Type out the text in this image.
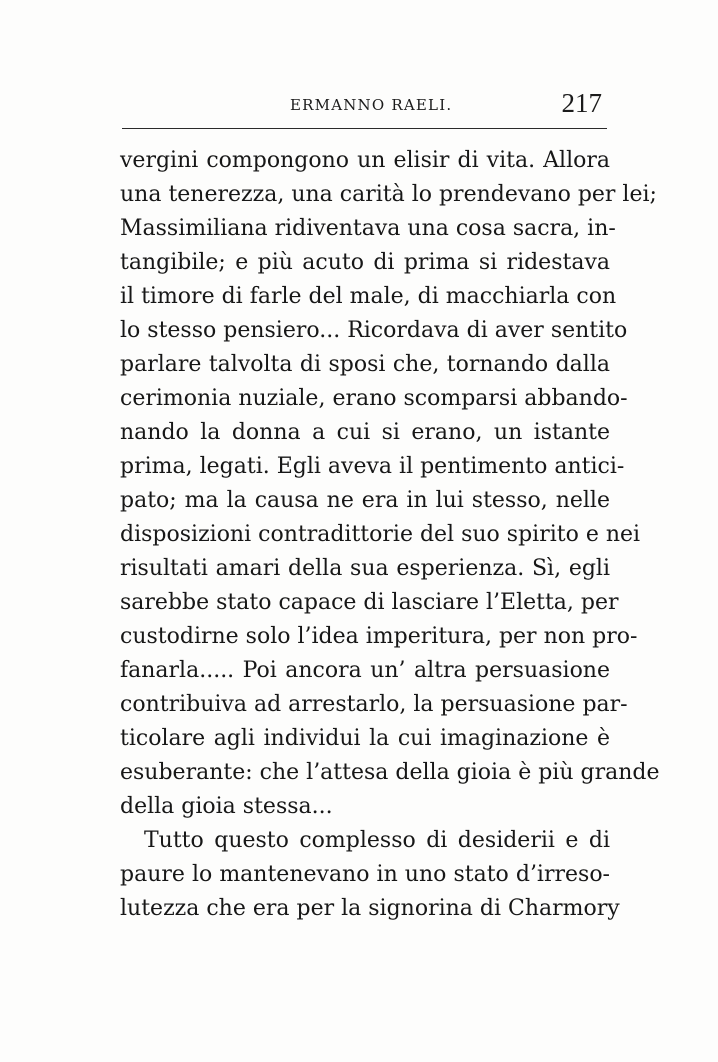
ERMANNO RAELI.	217
vergini compongono un elisir di vita. Allora
una tenerezza, una carità lo prendevano per lei;
Massimiliana ridiventava una cosa sacra, in-
tangibile; e più acuto di prima si ridestava
il timore di farle del male, di macchiarla con
lo stesso pensiero... Ricordava di aver sentito
parlare talvolta di sposi che, tornando dalla
cerimonia nuziale, erano scomparsi abbando-
nando la donna a cui si erano, un istante
prima, legati. Egli aveva il pentimento antici-
pato; ma la causa ne era in lui stesso, nelle
disposizioni contradittorie del suo spirito e nei
risultati amari della sua esperienza. Sì, egli
sarebbe stato capace di lasciare l’Eletta, per
custodirne solo l’idea imperitura, per non pro-
fanarla..... Poi ancora un’ altra persuasione
contribuiva ad arrestarlo, la persuasione par-
ticolare agli individui la cui imaginazione è
esuberante: che l’attesa della gioia è più grande
della gioia stessa...
Tutto questo complesso di desiderii e di
paure lo mantenevano in uno stato d’irreso-
lutezza che era per la signorina di Charmory
